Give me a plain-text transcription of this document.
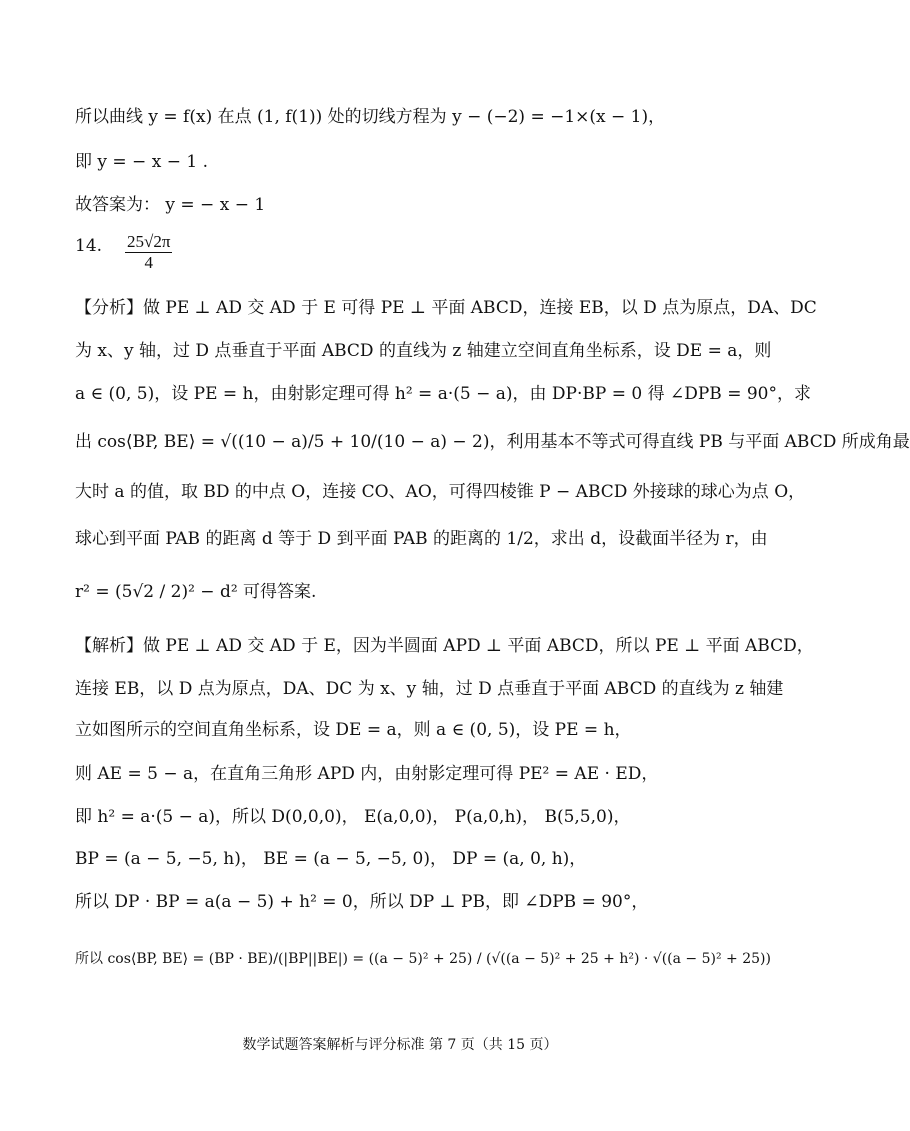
所以曲线 y = f(x) 在点 (1, f(1)) 处的切线方程为 y − (−2) = −1×(x − 1)，
即 y = − x − 1 .
故答案为： y = − x − 1
14. $\frac{25√2\pi}{4}$
【分析】做 PE ⊥ AD 交 AD 于 E 可得 PE ⊥ 平面 ABCD，连接 EB，以 D 点为原点，DA、DC
为 x、y 轴，过 D 点垂直于平面 ABCD 的直线为 z 轴建立空间直角坐标系，设 DE = a，则
a ∈ (0, 5)，设 PE = h，由射影定理可得 h² = a·(5 − a)，由 DP·BP = 0 得 ∠DPB = 90°，求
出 cos⟨BP, BE⟩ = √((10 − a)/5 + 10/(10 − a) − 2)，利用基本不等式可得直线 PB 与平面 ABCD 所成角最
大时 a 的值，取 BD 的中点 O，连接 CO、AO，可得四棱锥 P − ABCD 外接球的球心为点 O，
球心到平面 PAB 的距离 d 等于 D 到平面 PAB 的距离的 1/2，求出 d，设截面半径为 r，由
r² = (5√2 / 2)² − d² 可得答案.
【解析】做 PE ⊥ AD 交 AD 于 E，因为半圆面 APD ⊥ 平面 ABCD，所以 PE ⊥ 平面 ABCD，
连接 EB，以 D 点为原点，DA、DC 为 x、y 轴，过 D 点垂直于平面 ABCD 的直线为 z 轴建
立如图所示的空间直角坐标系，设 DE = a，则 a ∈ (0, 5)，设 PE = h，
则 AE = 5 − a，在直角三角形 APD 内，由射影定理可得 PE² = AE · ED，
即 h² = a·(5 − a)，所以 D(0,0,0)， E(a,0,0)， P(a,0,h)， B(5,5,0)，
BP = (a − 5, −5, h)， BE = (a − 5, −5, 0)， DP = (a, 0, h)，
所以 DP · BP = a(a − 5) + h² = 0，所以 DP ⊥ PB，即 ∠DPB = 90°，
所以 cos⟨BP, BE⟩ = (BP · BE)/(|BP||BE|) = ((a − 5)² + 25) / (√((a − 5)² + 25 + h²) · √((a − 5)² + 25))
数学试题答案解析与评分标准 第 7 页（共 15 页）
